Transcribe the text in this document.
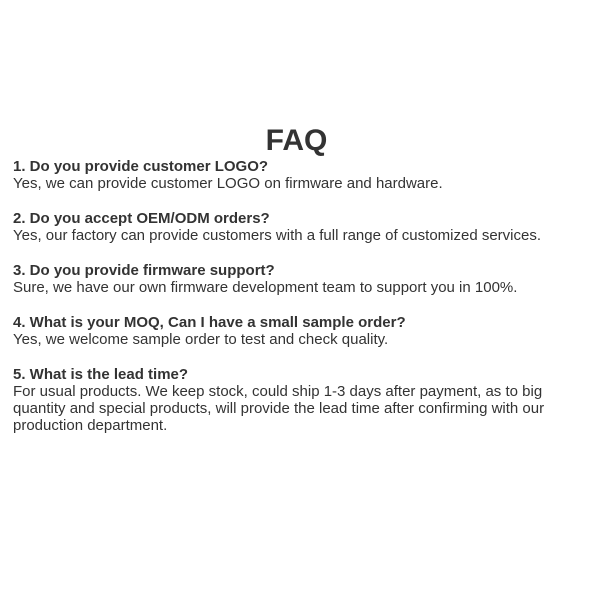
FAQ

1. Do you provide customer LOGO?

Yes, we can provide customer LOGO on firmware and hardware.

2. Do you accept OEM/ODM orders?

Yes, our factory can provide customers with a full range of customized services.

3. Do you provide firmware support?

Sure, we have our own firmware development team to support you in 100%.

4. What is your MOQ, Can I have a small sample order?

Yes, we welcome sample order to test and check quality.

5. What is the lead time?

For usual products. We keep stock, could ship 1-3 days after payment, as to big quantity and special products, will provide the lead time after confirming with our production department.
